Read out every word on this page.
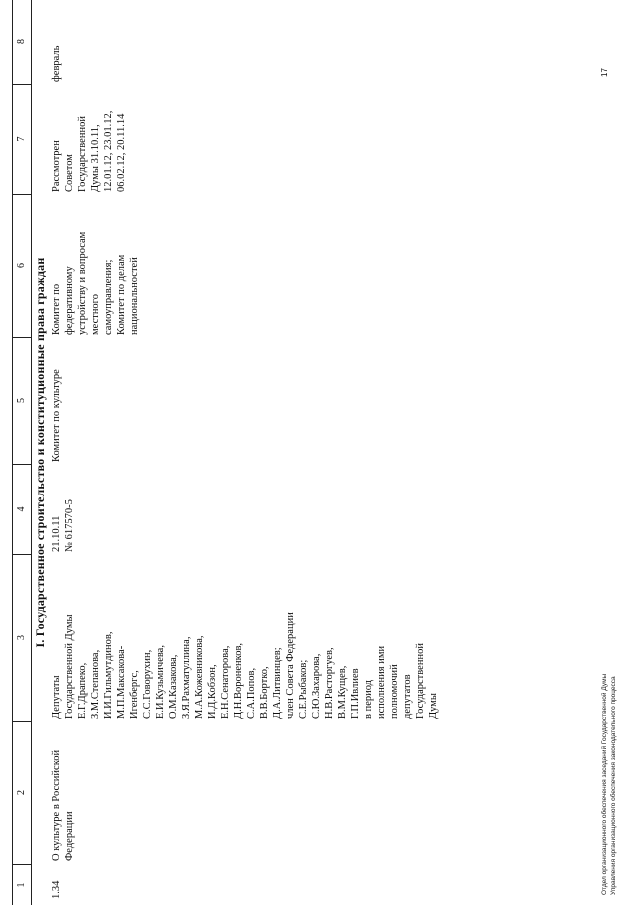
1
2
3
4
5
6
7
8
I. Государственное строительство и конституционные права граждан
1.34
О культуре в Российской
Федерации
Депутаты
Государственной Думы
Е.Г.Драпеко,
З.М.Степанова,
И.И.Гильмутдинов,
М.П.Максакова-
Игенбергс,
С.С.Говорухин,
Е.И.Кузьмичева,
О.М.Казакова,
З.Я.Рахматуллина,
М.А.Кожевникова,
И.Д.Кобзон,
Е.Н.Сенаторова,
Д.Н.Вороненков,
С.А.Попов,
В.В.Бортко,
Д.А.Литвинцев;
член Совета Федерации
С.Е.Рыбаков;
С.Ю.Захарова,
Н.В.Расторгуев,
В.М.Кущев,
Г.П.Ивлиев
в период
исполнения ими
полномочий
депутатов
Государственной
Думы
21.10.11
№ 617570-5
Комитет по культуре
Комитет по
федеративному
устройству и вопросам
местного
самоуправления;
Комитет по делам
национальностей
Рассмотрен
Советом
Государственной
Думы 31.10.11,
12.01.12, 23.01.12,
06.02.12, 20.11.14
февраль
Отдел организационного обеспечения заседаний Государственной Думы Управления организационного обеспечения законодательного процесса
17
